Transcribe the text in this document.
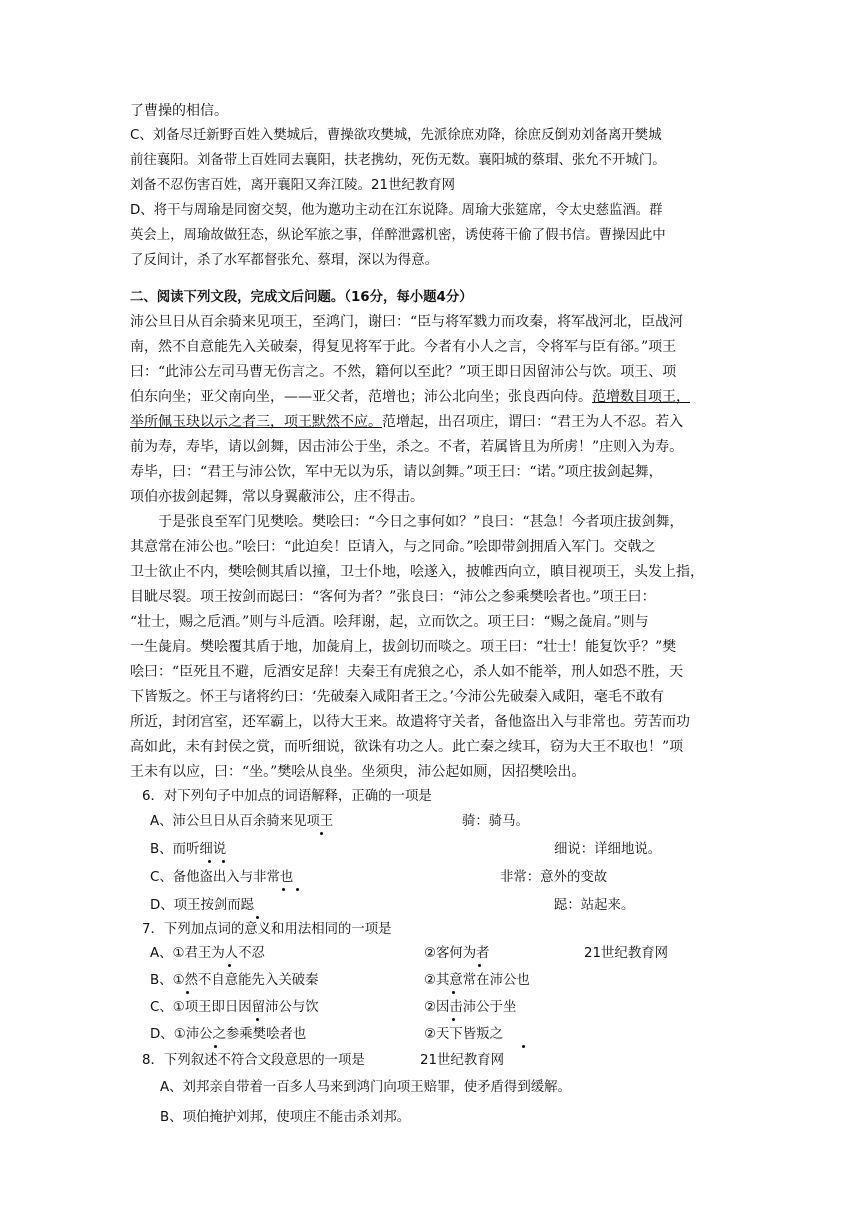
了曹操的相信。
C、刘备尽迁新野百姓入樊城后，曹操欲攻樊城，先派徐庶劝降，徐庶反倒劝刘备离开樊城
前往襄阳。刘备带上百姓同去襄阳，扶老携幼，死伤无数。襄阳城的蔡瑁、张允不开城门。
刘备不忍伤害百姓，离开襄阳又奔江陵。21世纪教育网
D、将干与周瑜是同窗交契，他为邀功主动在江东说降。周瑜大张筵席，令太史慈监酒。群
英会上，周瑜故做狂态，纵论军旅之事，佯醉泄露机密，诱使蒋干偷了假书信。曹操因此中
了反间计，杀了水军都督张允、蔡瑁，深以为得意。
二、阅读下列文段，完成文后问题。（16分，每小题4分）
沛公旦日从百余骑来见项王，至鸿门，谢曰：“臣与将军戮力而攻秦，将军战河北，臣战河
南，然不自意能先入关破秦，得复见将军于此。今者有小人之言，令将军与臣有郤。”项王
曰：“此沛公左司马曹无伤言之。不然，籍何以至此？”项王即日因留沛公与饮。项王、项
伯东向坐；亚父南向坐，——亚父者，范增也；沛公北向坐；张良西向侍。范增数目项王，
举所佩玉玦以示之者三，项王默然不应。范增起，出召项庄，谓曰：“君王为人不忍。若入
前为寿，寿毕，请以剑舞，因击沛公于坐，杀之。不者，若属皆且为所虏！”庄则入为寿。
寿毕，曰：“君王与沛公饮，军中无以为乐，请以剑舞。”项王曰：“诺。”项庄拔剑起舞，
项伯亦拔剑起舞，常以身翼蔽沛公，庄不得击。
　　于是张良至军门见樊哙。樊哙曰：“今日之事何如？”良曰：“甚急！今者项庄拔剑舞，
其意常在沛公也。”哙曰：“此迫矣！臣请入，与之同命。”哙即带剑拥盾入军门。交戟之
卫士欲止不内，樊哙侧其盾以撞，卫士仆地，哙遂入，披帷西向立，瞋目视项王，头发上指，
目眦尽裂。项王按剑而跽曰：“客何为者？”张良曰：“沛公之参乘樊哙者也。”项王曰：
“壮士，赐之卮酒。”则与斗卮酒。哙拜谢，起，立而饮之。项王曰：“赐之彘肩。”则与
一生彘肩。樊哙覆其盾于地，加彘肩上，拔剑切而啖之。项王曰：“壮士！能复饮乎？”樊
哙曰：“臣死且不避，卮酒安足辞！夫秦王有虎狼之心，杀人如不能举，刑人如恐不胜，天
下皆叛之。怀王与诸将约曰：‘先破秦入咸阳者王之。’今沛公先破秦入咸阳，毫毛不敢有
所近，封闭宫室，还军霸上，以待大王来。故遣将守关者，备他盗出入与非常也。劳苦而功
高如此，未有封侯之赏，而听细说，欲诛有功之人。此亡秦之续耳，窃为大王不取也！”项
王未有以应，曰：“坐。”樊哙从良坐。坐须臾，沛公起如厕，因招樊哙出。
6．对下列句子中加点的词语解释，正确的一项是
A、沛公旦日从百余骑来见项王	骑：骑马。
B、而听细说	细说：详细地说。
C、备他盗出入与非常也	非常：意外的变故
D、项王按剑而跽	跽：站起来。
7．下列加点词的意义和用法相同的一项是
A、①君王为人不忍	②客何为者	21世纪教育网
B、①然不自意能先入关破秦	②其意常在沛公也
C、①项王即日因留沛公与饮	②因击沛公于坐
D、①沛公之参乘樊哙者也	②天下皆叛之
8．下列叙述不符合文段意思的一项是	21世纪教育网
A、刘邦亲自带着一百多人马来到鸿门向项王赔罪，使矛盾得到缓解。
B、项伯掩护刘邦，使项庄不能击杀刘邦。
